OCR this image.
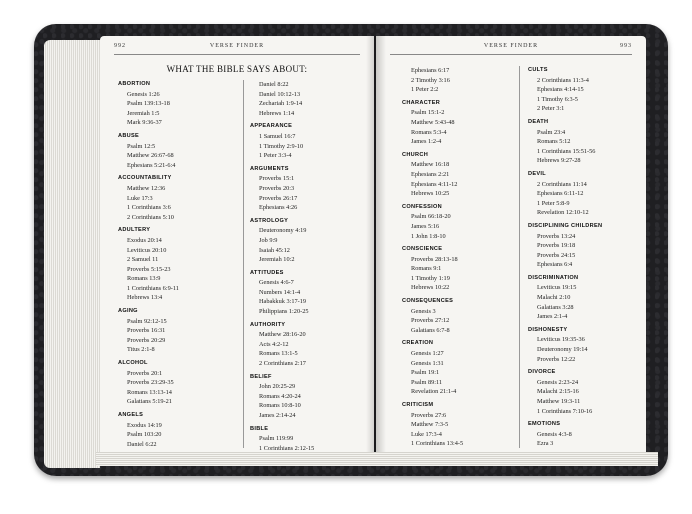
992	VERSE FINDER
WHAT THE BIBLE SAYS ABOUT:
ABORTION
Genesis 1:26
Psalm 139:13-18
Jeremiah 1:5
Mark 9:36-37
ABUSE
Psalm 12:5
Matthew 26:67-68
Ephesians 5:21-6:4
ACCOUNTABILITY
Matthew 12:36
Luke 17:3
1 Corinthians 3:6
2 Corinthians 5:10
ADULTERY
Exodus 20:14
Leviticus 20:10
2 Samuel 11
Proverbs 5:15-23
Romans 13:9
1 Corinthians 6:9-11
Hebrews 13:4
AGING
Psalm 92:12-15
Proverbs 16:31
Proverbs 20:29
Titus 2:1-8
ALCOHOL
Proverbs 20:1
Proverbs 23:29-35
Romans 13:13-14
Galatians 5:19-21
ANGELS
Exodus 14:19
Psalm 103:20
Daniel 6:22
Daniel 8:22
Daniel 10:12-13
Zechariah 1:9-14
Hebrews 1:14
APPEARANCE
1 Samuel 16:7
1 Timothy 2:9-10
1 Peter 3:3-4
ARGUMENTS
Proverbs 15:1
Proverbs 20:3
Proverbs 26:17
Ephesians 4:26
ASTROLOGY
Deuteronomy 4:19
Job 9:9
Isaiah 45:12
Jeremiah 10:2
ATTITUDES
Genesis 4:6-7
Numbers 14:1-4
Habakkuk 3:17-19
Philippians 1:20-25
AUTHORITY
Matthew 28:16-20
Acts 4:2-12
Romans 13:1-5
2 Corinthians 2:17
BELIEF
John 20:25-29
Romans 4:20-24
Romans 10:8-10
James 2:14-24
BIBLE
Psalm 119:99
1 Corinthians 2:12-15
VERSE FINDER	993
Ephesians 6:17
2 Timothy 3:16
1 Peter 2:2
CHARACTER
Psalm 15:1-2
Matthew 5:43-48
Romans 5:3-4
James 1:2-4
CHURCH
Matthew 16:18
Ephesians 2:21
Ephesians 4:11-12
Hebrews 10:25
CONFESSION
Psalm 66:18-20
James 5:16
1 John 1:8-10
CONSCIENCE
Proverbs 28:13-18
Romans 9:1
1 Timothy 1:19
Hebrews 10:22
CONSEQUENCES
Genesis 3
Proverbs 27:12
Galatians 6:7-8
CREATION
Genesis 1:27
Genesis 1:31
Psalm 19:1
Psalm 89:11
Revelation 21:1-4
CRITICISM
Proverbs 27:6
Matthew 7:3-5
Luke 17:3-4
1 Corinthians 13:4-5
CULTS
2 Corinthians 11:3-4
Ephesians 4:14-15
1 Timothy 6:3-5
2 Peter 3:1
DEATH
Psalm 23:4
Romans 5:12
1 Corinthians 15:51-56
Hebrews 9:27-28
DEVIL
2 Corinthians 11:14
Ephesians 6:11-12
1 Peter 5:8-9
Revelation 12:10-12
DISCIPLINING CHILDREN
Proverbs 13:24
Proverbs 19:18
Proverbs 24:15
Ephesians 6:4
DISCRIMINATION
Leviticus 19:15
Malachi 2:10
Galatians 3:28
James 2:1-4
DISHONESTY
Leviticus 19:35-36
Deuteronomy 19:14
Proverbs 12:22
DIVORCE
Genesis 2:23-24
Malachi 2:15-16
Matthew 19:3-11
1 Corinthians 7:10-16
EMOTIONS
Genesis 4:3-8
Ezra 3
